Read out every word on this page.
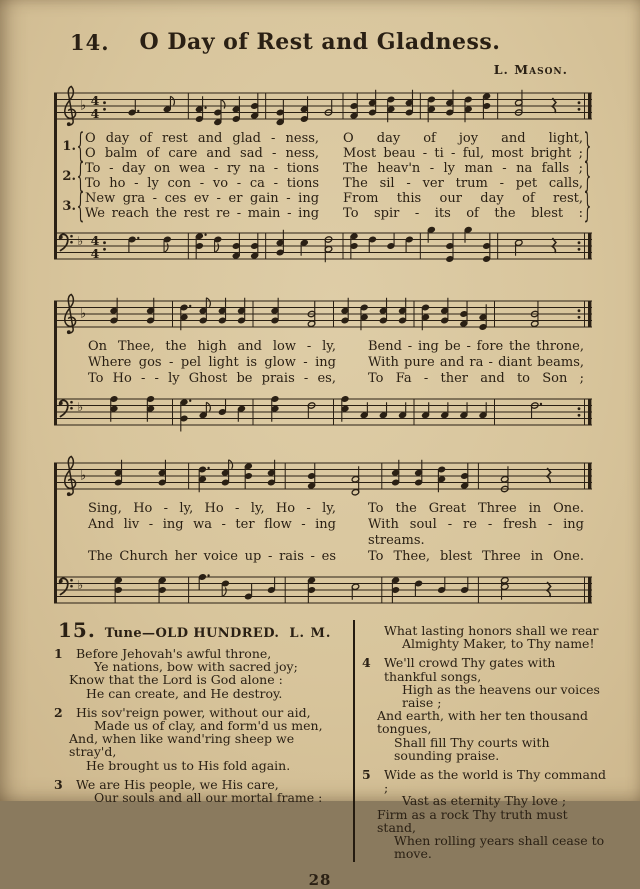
14.	O Day of Rest and Gladness.
L. Mason.
♭ 4
4
1. { O day of rest and glad - ness,	O day of joy and light,
O balm of care and sad - ness,	Most beau - ti - ful, most bright ; }
2. { To - day on wea - ry na - tions	The heav'n - ly man - na falls ;
To ho - ly con - vo - ca - tions	The sil - ver trum - pet calls, }
3. { New gra - ces ev - er gain - ing	From this our day of rest,
We reach the rest re - main - ing	To spir - its of the blest : }
♭ 4
4
♭
On Thee, the high and low - ly,	Bend - ing be - fore the throne,
Where gos - pel light is glow - ing	With pure and ra - diant beams,
To Ho - - ly Ghost be prais - es,	To Fa - ther and to Son ;
♭
♭
Sing, Ho - ly, Ho - ly, Ho - ly,	To the Great Three in One.
And liv - ing wa - ter flow - ing	With soul - re - fresh - ing streams.
The Church her voice up - rais - es	To Thee, blest Three in One.
♭
15. Tune—OLD HUNDRED. L. M.
1 Before Jehovah's awful throne,
Ye nations, bow with sacred joy;
Know that the Lord is God alone :
He can create, and He destroy.
2 His sov'reign power, without our aid,
Made us of clay, and form'd us men,
And, when like wand'ring sheep we stray'd,
He brought us to His fold again.
3 We are His people, we His care,
Our souls and all our mortal frame :
What lasting honors shall we rear
Almighty Maker, to Thy name!
4 We'll crowd Thy gates with thankful songs,
High as the heavens our voices raise ;
And earth, with her ten thousand tongues,
Shall fill Thy courts with sounding praise.
5 Wide as the world is Thy command ;
Vast as eternity Thy love ;
Firm as a rock Thy truth must stand,
When rolling years shall cease to move.
28
